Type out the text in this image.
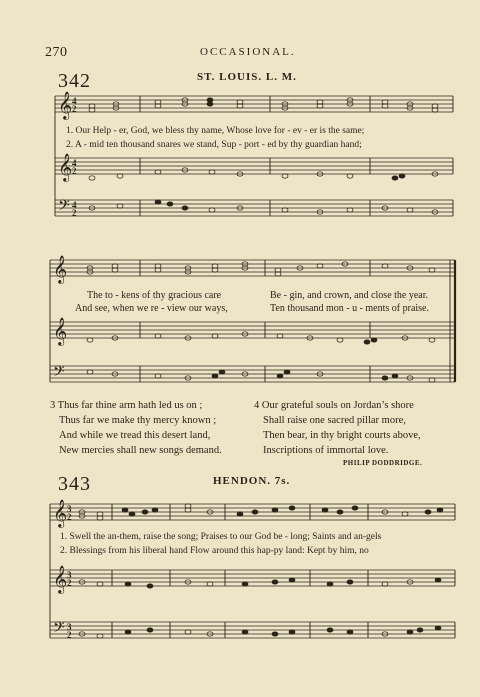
𝄞
𝄞
𝄢
4
2
4
2
4
2
𝄞
𝄞
𝄢
𝄞
𝄞
𝄢
3
2
3
2
3
2
270	OCCASIONAL.
342	ST. LOUIS. L. M.
1. Our Help - er, God, we bless thy name, Whose love for - ev - er is the same;
2. A - mid ten thousand snares we stand, Sup - port - ed by thy guardian hand;
The to - kens of thy gracious care	Be - gin, and crown, and close the year.
And see, when we re - view our ways,	Ten thousand mon - u - ments of praise.
3 Thus far thine arm hath led us on ;
Thus far we make thy mercy known ;
And while we tread this desert land,
New mercies shall new songs demand.
4 Our grateful souls on Jordan’s shore
Shall raise one sacred pillar more,
Then bear, in thy bright courts above,
Inscriptions of immortal love.
PHILIP DODDRIDGE.
343	HENDON. 7s.
1. Swell the an-them, raise the song; Praises to our God be - long; Saints and an-gels
2. Blessings from his liberal hand Flow around this hap-py land: Kept by him, no
